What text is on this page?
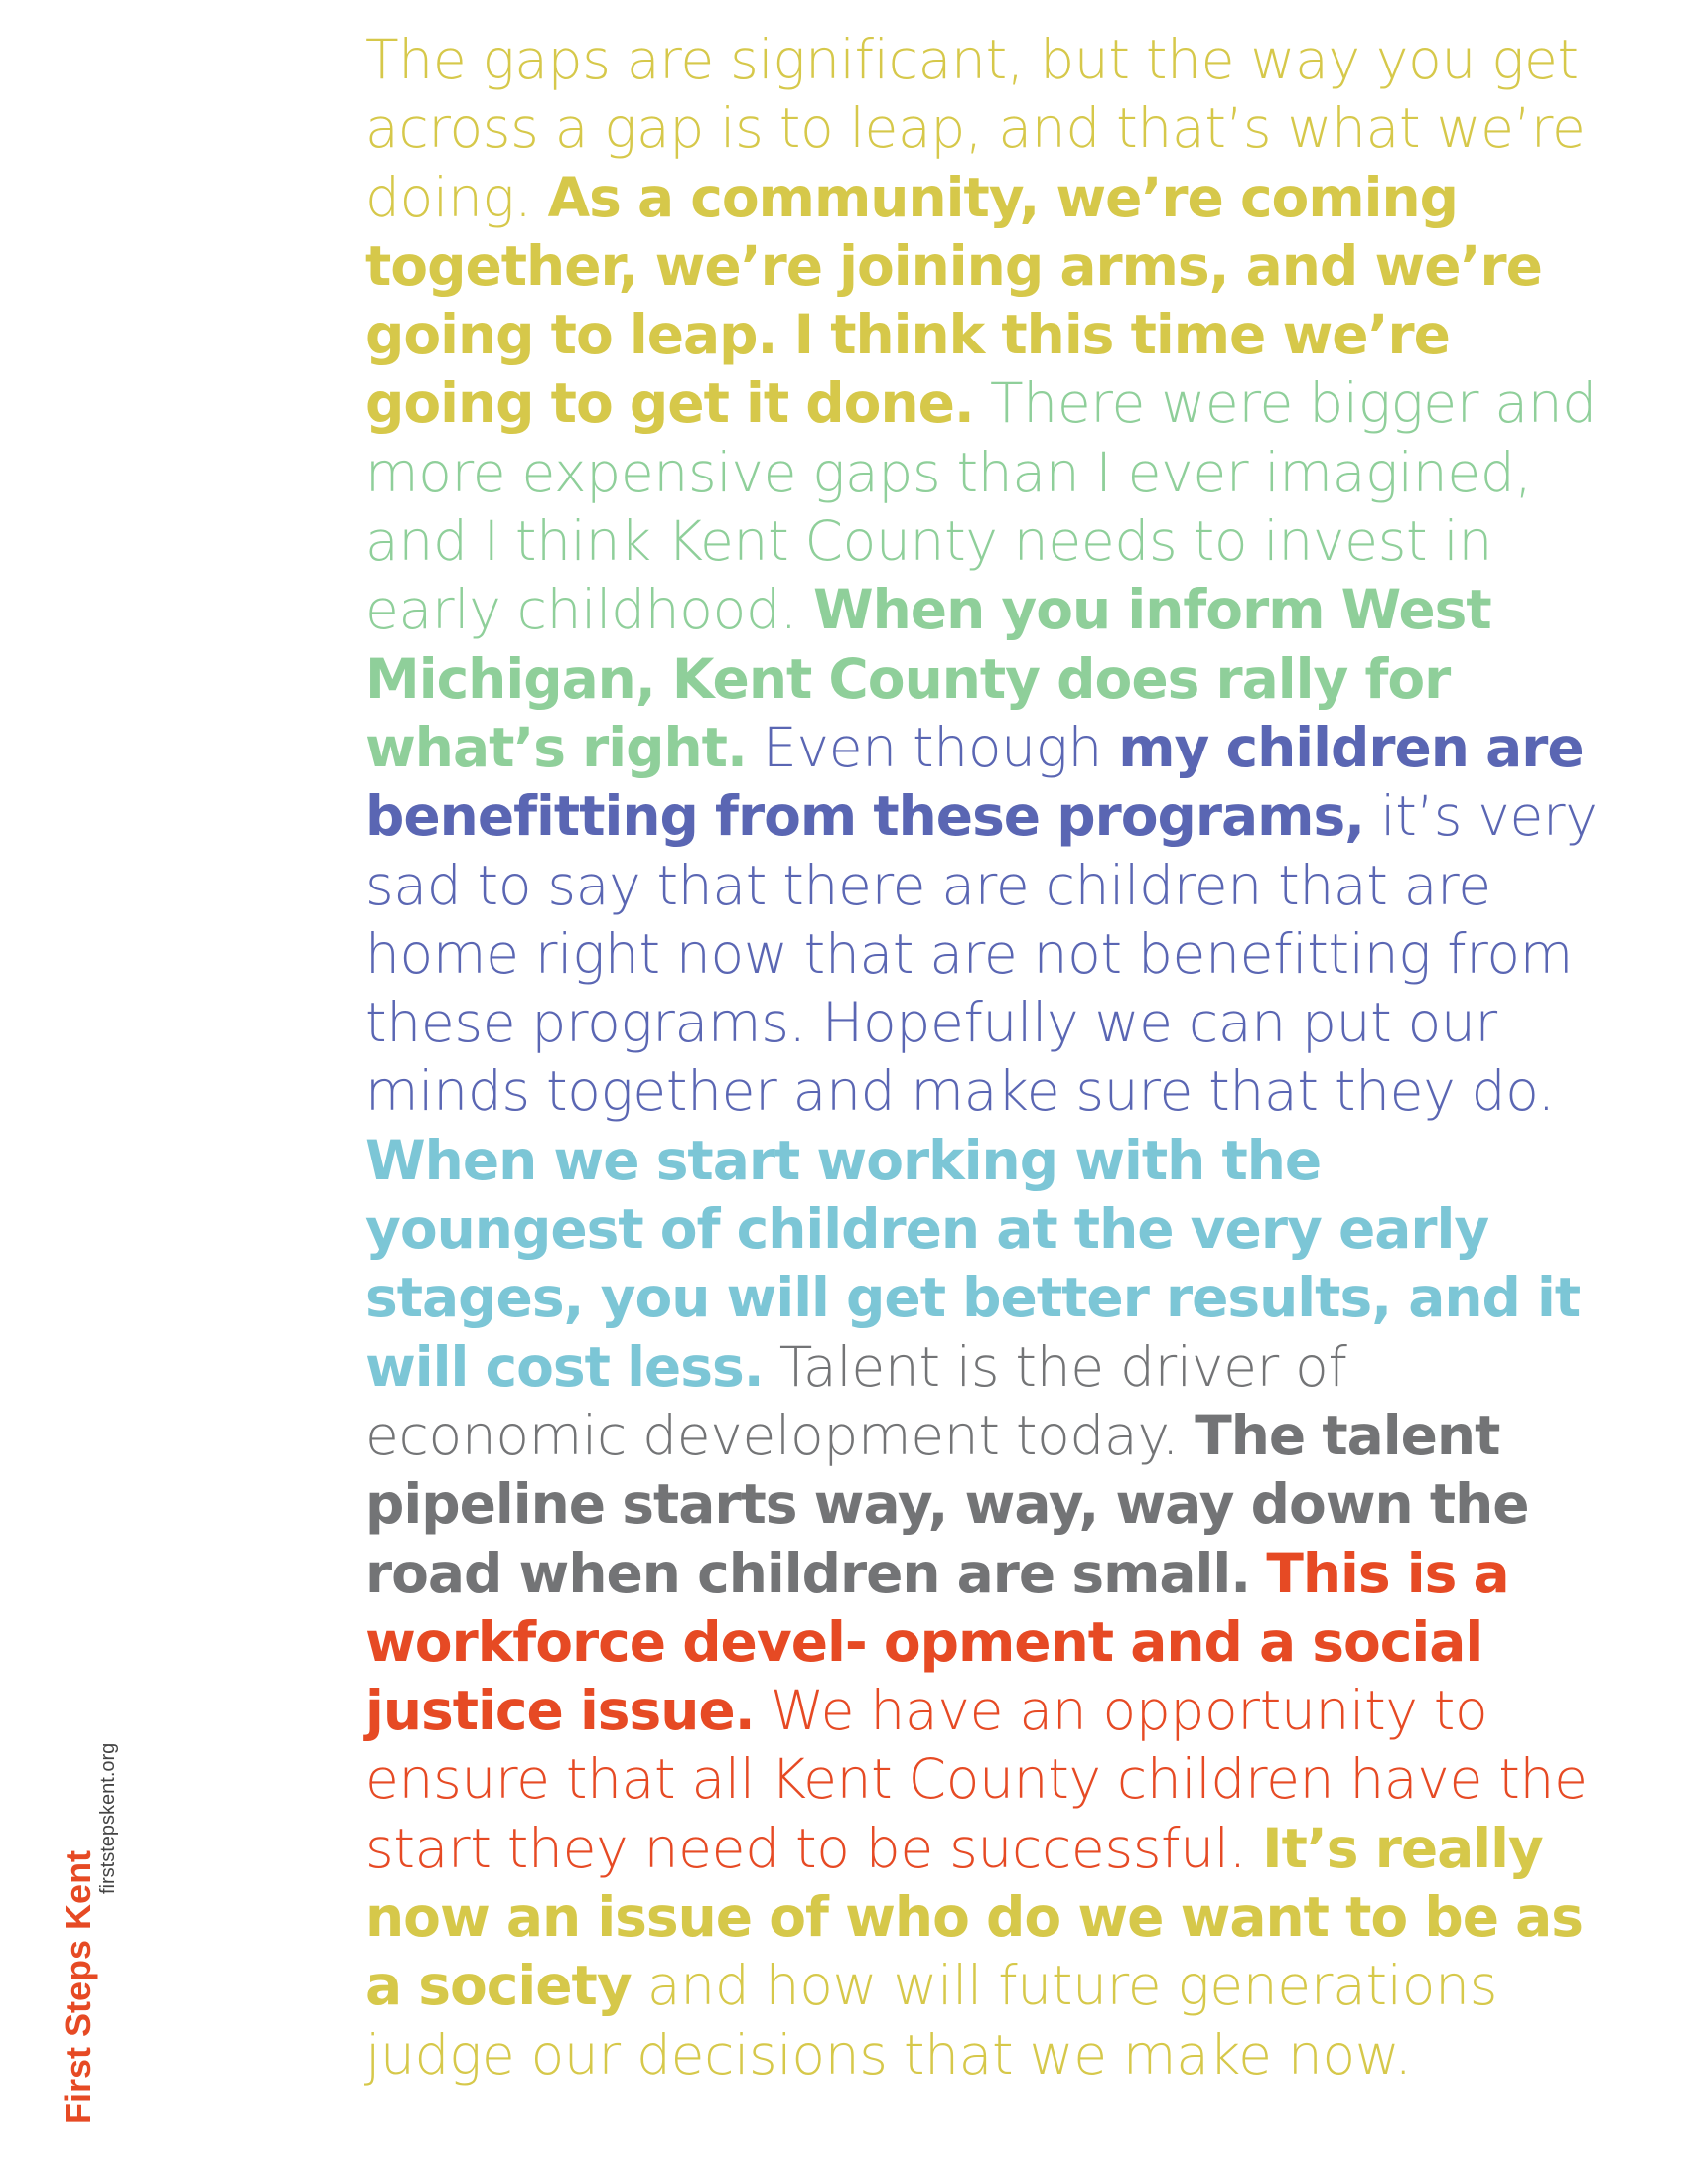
The gaps are significant, but the way you get across a gap is to leap, and that’s what we’re doing. As a community, we’re coming together, we’re joining arms, and we’re going to leap. I think this time we’re going to get it done. There were bigger and more expensive gaps than I ever imagined, and I think Kent County needs to invest in early childhood. When you inform West Michigan, Kent County does rally for what’s right. Even though my children are benefitting from these programs, it’s very sad to say that there are children that are home right now that are not benefitting from these programs. Hopefully we can put our minds together and make sure that they do. When we start working with the youngest of children at the very early stages, you will get better results, and it will cost less. Talent is the driver of economic development today. The talent pipeline starts way, way, way down the road when children are small. This is a workforce devel- opment and a social justice issue. We have an opportunity to ensure that all Kent County children have the start they need to be successful. It’s really now an issue of who do we want to be as a society and how will future generations judge our decisions that we make now.

First Steps Kent
firststepskent.org
